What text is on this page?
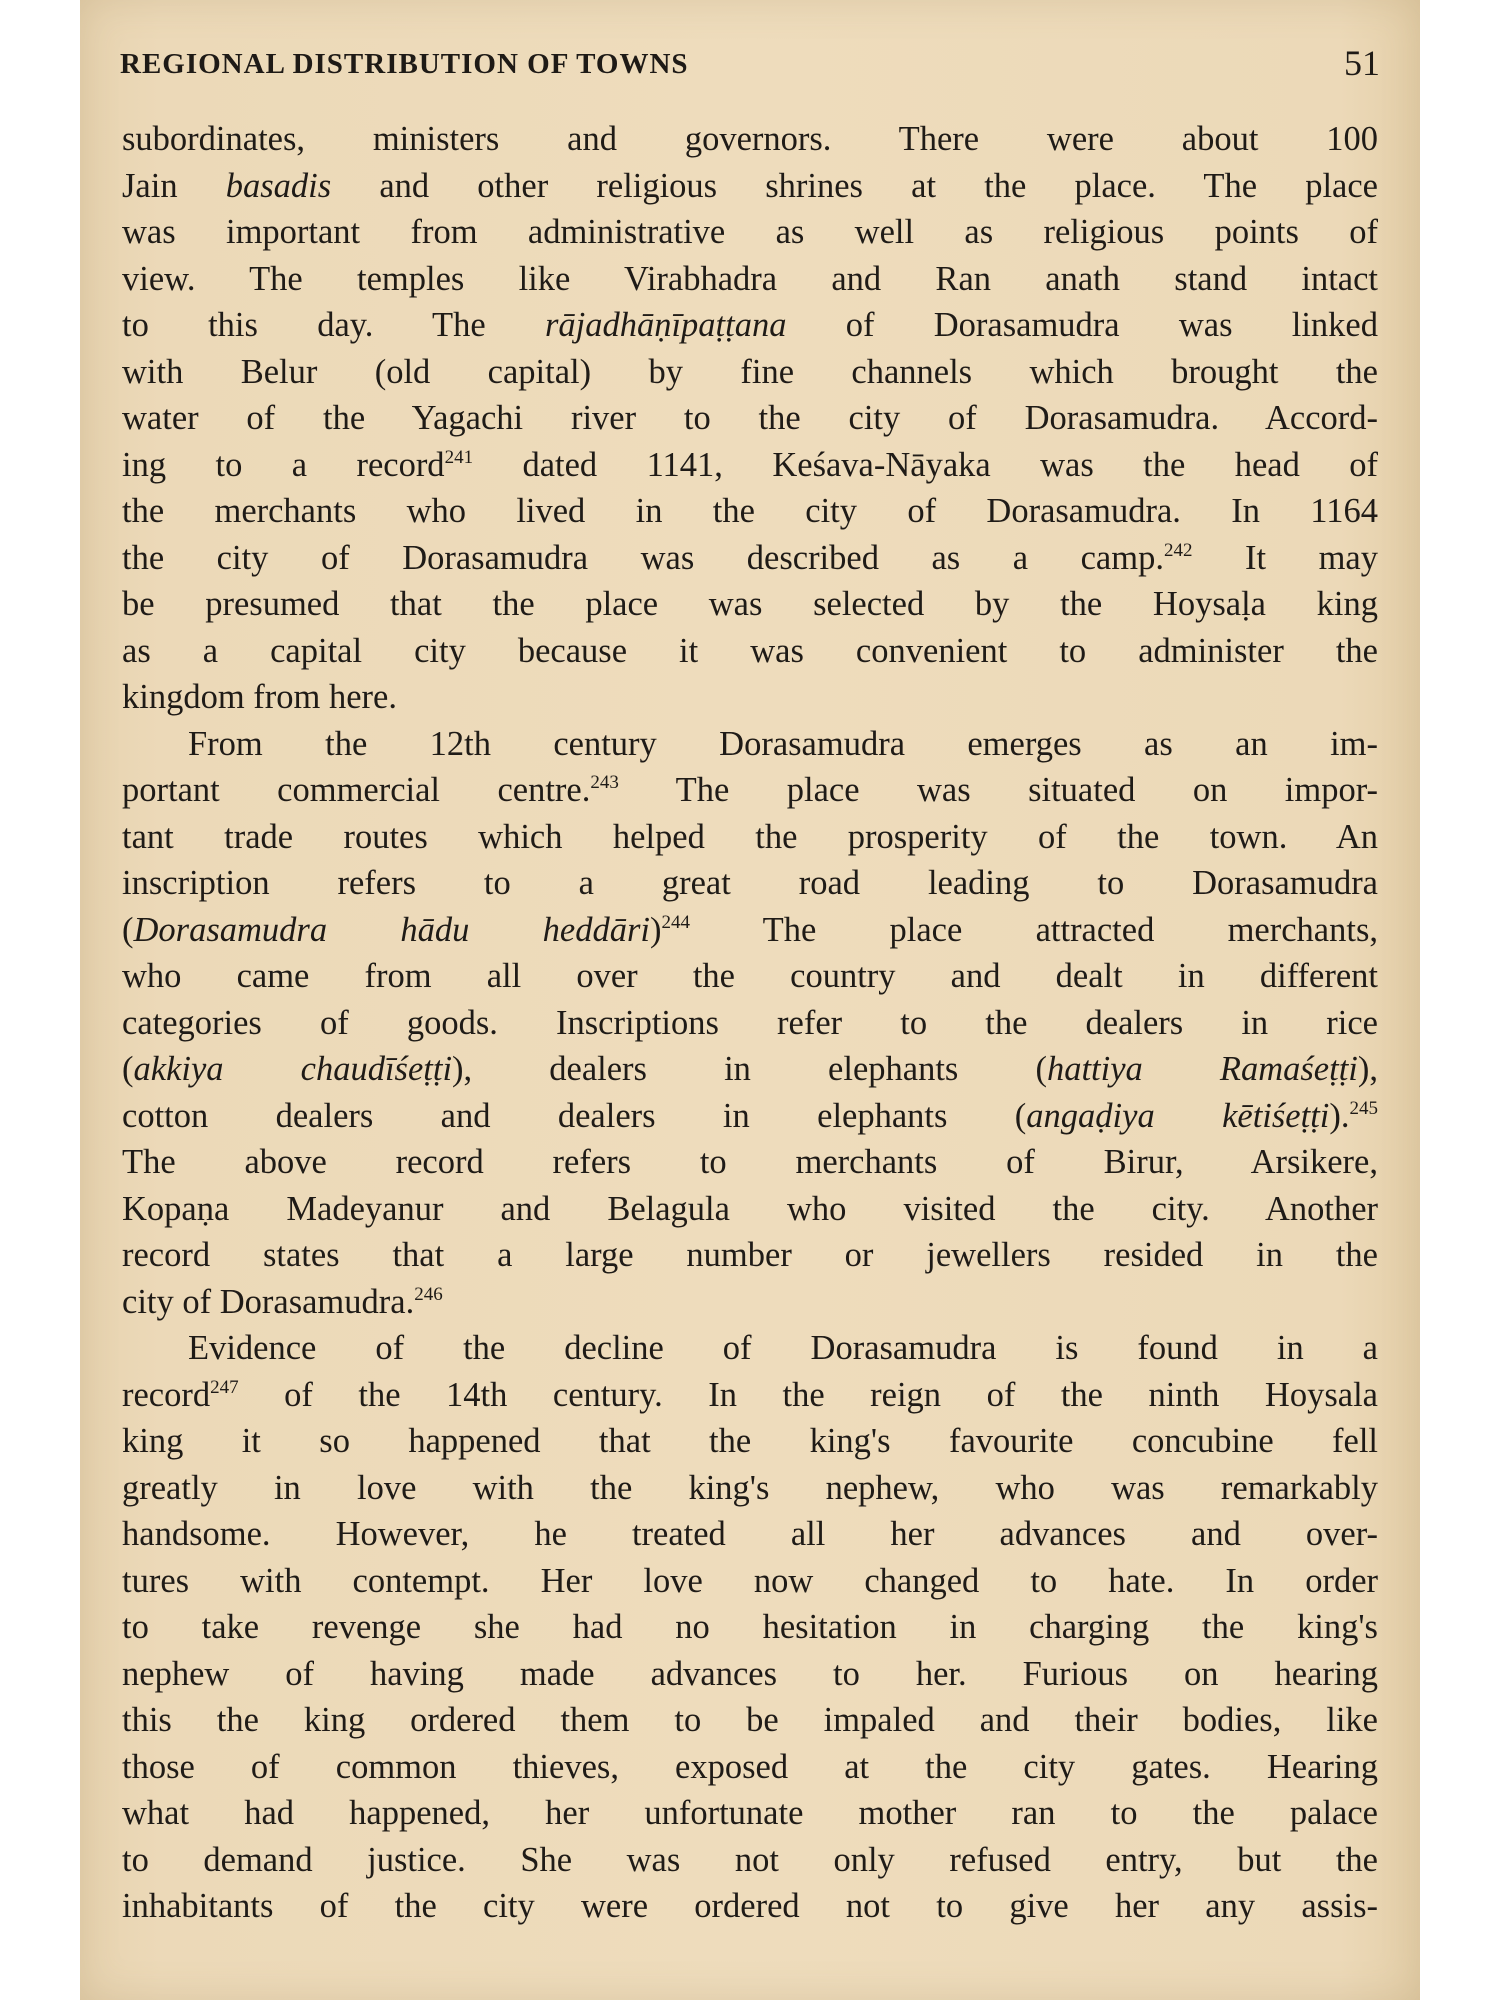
REGIONAL DISTRIBUTION OF TOWNS	51
subordinates, ministers and governors. There were about 100
Jain basadis and other religious shrines at the place. The place
was important from administrative as well as religious points of
view. The temples like Virabhadra and Ran anath stand intact
to this day. The rājadhāṇīpaṭṭana of Dorasamudra was linked
with Belur (old capital) by fine channels which brought the
water of the Yagachi river to the city of Dorasamudra. Accord-
ing to a record$^{241}$ dated 1141, Keśava-Nāyaka was the head of
the merchants who lived in the city of Dorasamudra. In 1164
the city of Dorasamudra was described as a camp.$^{242}$ It may
be presumed that the place was selected by the Hoysaḷa king
as a capital city because it was convenient to administer the
kingdom from here.
From the 12th century Dorasamudra emerges as an im-
portant commercial centre.$^{243}$ The place was situated on impor-
tant trade routes which helped the prosperity of the town. An
inscription refers to a great road leading to Dorasamudra
(Dorasamudra hādu heddāri)$^{244}$ The place attracted merchants,
who came from all over the country and dealt in different
categories of goods. Inscriptions refer to the dealers in rice
(akkiya chaudīśeṭṭi), dealers in elephants (hattiya Ramaśeṭṭi),
cotton dealers and dealers in elephants (angaḍiya kētiśeṭṭi).$^{245}$
The above record refers to merchants of Birur, Arsikere,
Kopaṇa Madeyanur and Belagula who visited the city. Another
record states that a large number or jewellers resided in the
city of Dorasamudra.$^{246}$
Evidence of the decline of Dorasamudra is found in a
record$^{247}$ of the 14th century. In the reign of the ninth Hoysala
king it so happened that the king's favourite concubine fell
greatly in love with the king's nephew, who was remarkably
handsome. However, he treated all her advances and over-
tures with contempt. Her love now changed to hate. In order
to take revenge she had no hesitation in charging the king's
nephew of having made advances to her. Furious on hearing
this the king ordered them to be impaled and their bodies, like
those of common thieves, exposed at the city gates. Hearing
what had happened, her unfortunate mother ran to the palace
to demand justice. She was not only refused entry, but the
inhabitants of the city were ordered not to give her any assis-
